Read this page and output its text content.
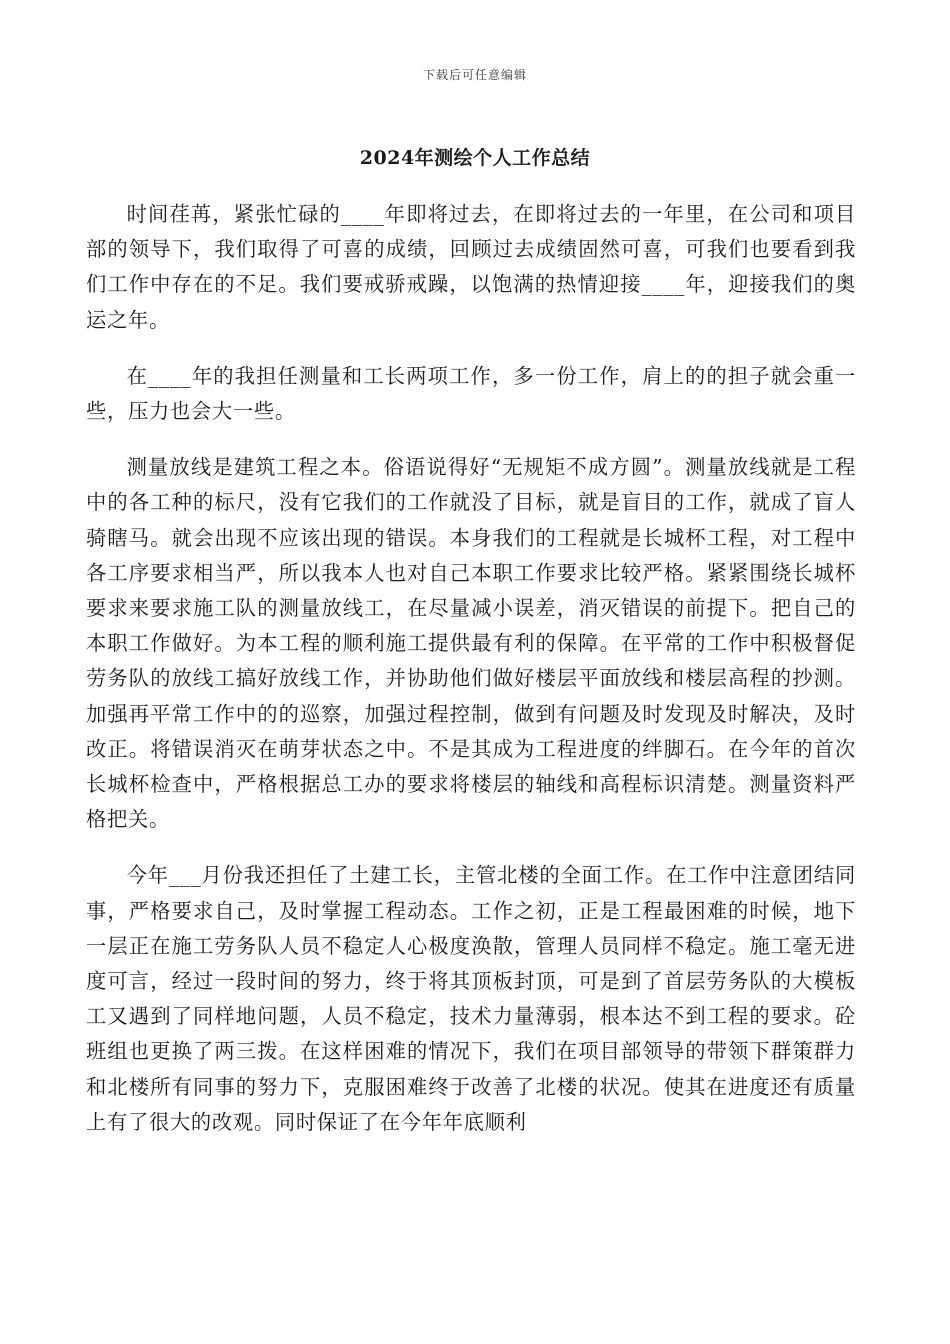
下载后可任意编辑
2024年测绘个人工作总结

时间荏苒，紧张忙碌的____年即将过去，在即将过去的一年里，在公司和项目部的领导下，我们取得了可喜的成绩，回顾过去成绩固然可喜，可我们也要看到我们工作中存在的不足。我们要戒骄戒躁，以饱满的热情迎接____年，迎接我们的奥运之年。

在____年的我担任测量和工长两项工作，多一份工作，肩上的的担子就会重一些，压力也会大一些。

测量放线是建筑工程之本。俗语说得好“无规矩不成方圆”。测量放线就是工程中的各工种的标尺，没有它我们的工作就没了目标，就是盲目的工作，就成了盲人骑瞎马。就会出现不应该出现的错误。本身我们的工程就是长城杯工程，对工程中各工序要求相当严，所以我本人也对自己本职工作要求比较严格。紧紧围绕长城杯要求来要求施工队的测量放线工，在尽量减小误差，消灭错误的前提下。把自己的本职工作做好。为本工程的顺利施工提供最有利的保障。在平常的工作中积极督促劳务队的放线工搞好放线工作，并协助他们做好楼层平面放线和楼层高程的抄测。加强再平常工作中的的巡察，加强过程控制，做到有问题及时发现及时解决，及时改正。将错误消灭在萌芽状态之中。不是其成为工程进度的绊脚石。在今年的首次长城杯检查中，严格根据总工办的要求将楼层的轴线和高程标识清楚。测量资料严格把关。

今年___月份我还担任了土建工长，主管北楼的全面工作。在工作中注意团结同事，严格要求自己，及时掌握工程动态。工作之初，正是工程最困难的时候，地下一层正在施工劳务队人员不稳定人心极度涣散，管理人员同样不稳定。施工毫无进度可言，经过一段时间的努力，终于将其顶板封顶，可是到了首层劳务队的大模板工又遇到了同样地问题，人员不稳定，技术力量薄弱，根本达不到工程的要求。砼班组也更换了两三拨。在这样困难的情况下，我们在项目部领导的带领下群策群力和北楼所有同事的努力下，克服困难终于改善了北楼的状况。使其在进度还有质量上有了很大的改观。同时保证了在今年年底顺利
